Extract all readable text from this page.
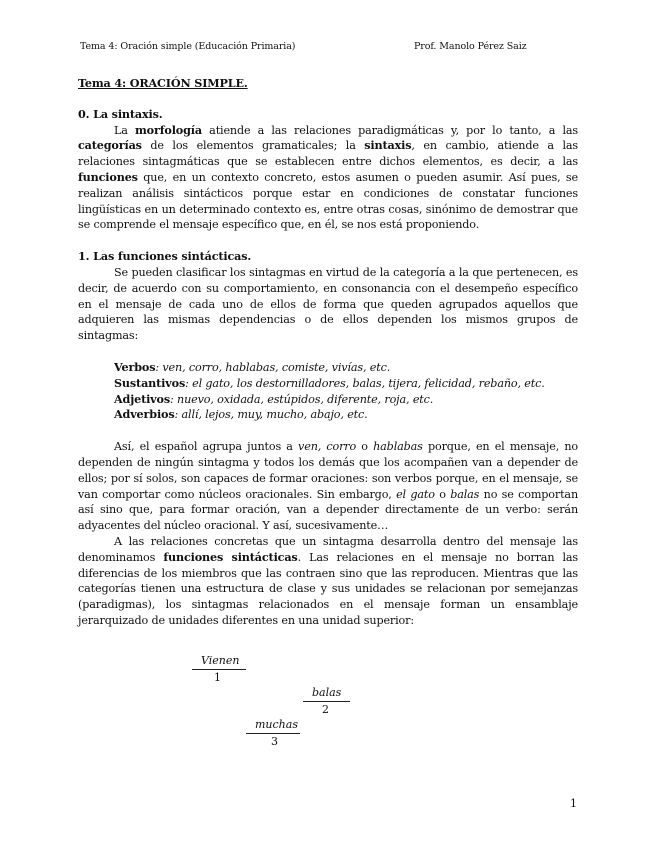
Tema 4: Oración simple (Educación Primaria)	Prof. Manolo Pérez Saiz
Tema 4: ORACIÓN SIMPLE.
0. La sintaxis.

La morfología atiende a las relaciones paradigmáticas y, por lo tanto, a las categorías de los elementos gramaticales; la sintaxis, en cambio, atiende a las relaciones sintagmáticas que se establecen entre dichos elementos, es decir, a las funciones que, en un contexto concreto, estos asumen o pueden asumir. Así pues, se realizan análisis sintácticos porque estar en condiciones de constatar funciones lingüísticas en un determinado contexto es, entre otras cosas, sinónimo de demostrar que se comprende el mensaje específico que, en él, se nos está proponiendo.

1. Las funciones sintácticas.

Se pueden clasificar los sintagmas en virtud de la categoría a la que pertenecen, es decir, de acuerdo con su comportamiento, en consonancia con el desempeño específico en el mensaje de cada uno de ellos de forma que queden agrupados aquellos que adquieren las mismas dependencias o de ellos dependen los mismos grupos de sintagmas:

Verbos: ven, corro, hablabas, comiste, vivías, etc.
Sustantivos: el gato, los destornilladores, balas, tijera, felicidad, rebaño, etc.
Adjetivos: nuevo, oxidada, estúpidos, diferente, roja, etc.
Adverbios: allí, lejos, muy, mucho, abajo, etc.

Así, el español agrupa juntos a ven, corro o hablabas porque, en el mensaje, no dependen de ningún sintagma y todos los demás que los acompañen van a depender de ellos; por sí solos, son capaces de formar oraciones: son verbos porque, en el mensaje, se van comportar como núcleos oracionales. Sin embargo, el gato o balas no se comportan así sino que, para formar oración, van a depender directamente de un verbo: serán adyacentes del núcleo oracional. Y así, sucesivamente…

A las relaciones concretas que un sintagma desarrolla dentro del mensaje las denominamos funciones sintácticas. Las relaciones en el mensaje no borran las diferencias de los miembros que las contraen sino que las reproducen. Mientras que las categorías tienen una estructura de clase y sus unidades se relacionan por semejanzas (paradigmas), los sintagmas relacionados en el mensaje forman un ensamblaje jerarquizado de unidades diferentes en una unidad superior:

Vienen
1
balas
2
muchas
3
1
